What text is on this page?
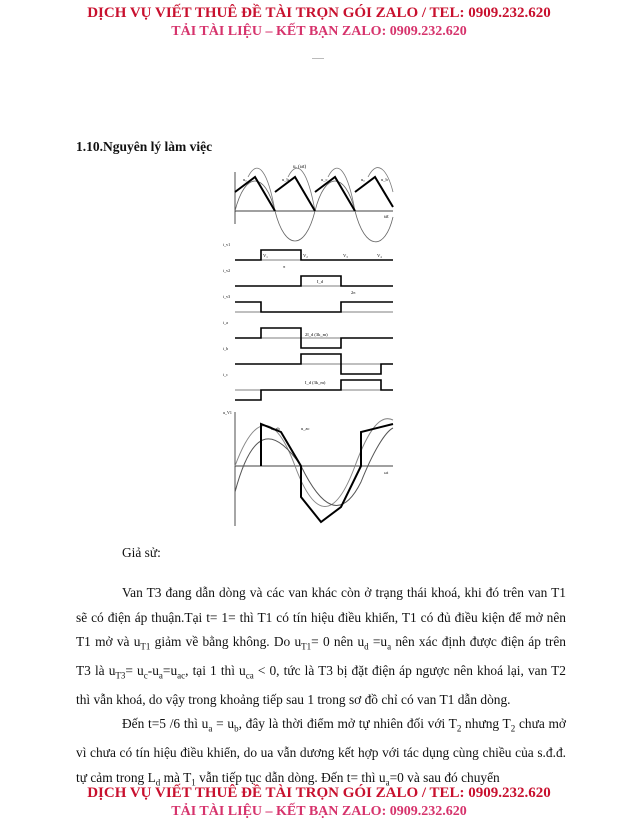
DỊCH VỤ VIẾT THUÊ ĐỀ TÀI TRỌN GÓI ZALO / TEL: 0909.232.620
TẢI TÀI LIỆU – KẾT BẠN ZALO: 0909.232.620
1.10.Nguyên lý làm việc
uₐ (ωt)
ωt
uₐ	u_b	u_c	uₐ	u_b
V₁	V₂	V₃	V₄
π
2π
I_d
2I_d (3k_m)
I_d (3k_m)
i_v1
i_v2
i_v3
i_a
i_b
i_c
u_V1
u_ab	u_ac
ωt
Giả sử:
Van T3 đang dẫn dòng và các van khác còn ở trạng thái khoá, khi đó trên van T1 sẽ có điện áp thuận.Tại t= 1= thì T1 có tín hiệu điều khiển, T1 có đủ điều kiện để mở nên T1 mở và $u_{T1}$ giảm về bằng không. Do $u_{T1}= 0$ nên $u_d =u_a$ nên xác định được điện áp trên T3 là $u_{T3}= u_c-u_a=u_{ac}$, tại 1 thì $u_{ca} < 0$, tức là T3 bị đặt điện áp ngược nên khoá lại, van T2 thì vẫn khoá, do vậy trong khoảng tiếp sau 1 trong sơ đồ chỉ có van T1 dẫn dòng.
Đến t=5 /6 thì $u_a = u_b$, đây là thời điểm mở tự nhiên đối với $T_2$ nhưng $T_2$ chưa mở vì chưa có tín hiệu điều khiển, do ua vẫn dương kết hợp với tác dụng cùng chiều của s.đ.đ. tự cảm trong $L_d$ mà $T_1$ vẫn tiếp tục dẫn dòng. Đến t= thì $u_a=0$ và sau đó chuyển
DỊCH VỤ VIẾT THUÊ ĐỀ TÀI TRỌN GÓI ZALO / TEL: 0909.232.620
TẢI TÀI LIỆU – KẾT BẠN ZALO: 0909.232.620
